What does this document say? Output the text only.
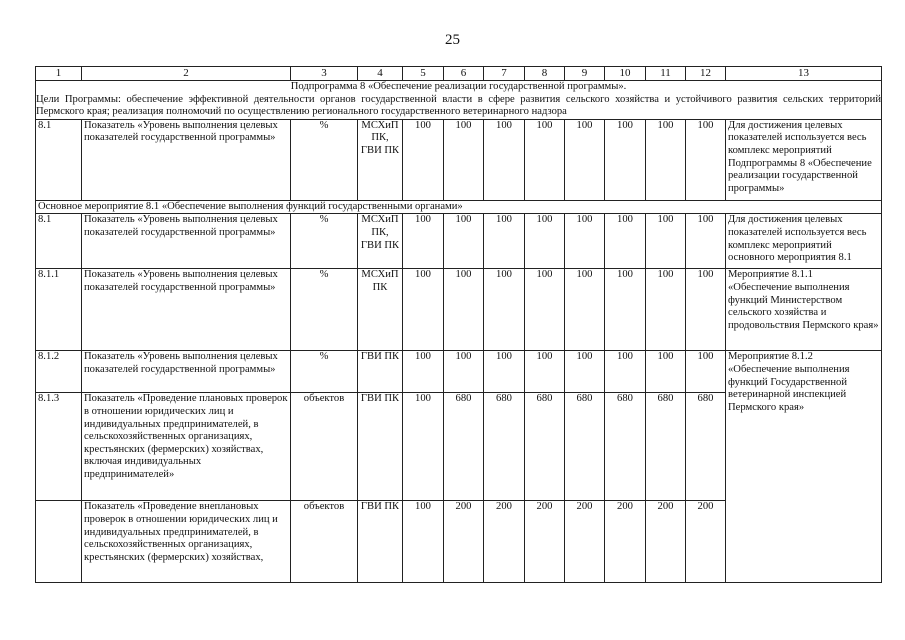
25
1	2	3	4	5	6	7	8	9	10	11	12	13

Подпрограмма 8 «Обеспечение реализации государственной программы».
Цели Программы: обеспечение эффективной деятельности органов государственной власти в сфере развития сельского хозяйства и устойчивого развития сельских территорий Пермского края; реализация полномочий по осуществлению регионального государственного ветеринарного надзора												

8.1	Показатель «Уровень выполнения целевых показателей государственной программы»	%	МСХиП ПК, ГВИ ПК	100	100	100	100	100	100	100	100	Для достижения целевых показателей используется весь комплекс мероприятий Подпрограммы 8 «Обеспечение реализации государственной программы»
Основное мероприятие 8.1 «Обеспечение выполнения функций государственными органами»												
8.1	Показатель «Уровень выполнения целевых показателей государственной программы»	%	МСХиП ПК, ГВИ ПК	100	100	100	100	100	100	100	100	Для достижения целевых показателей используется весь комплекс мероприятий основного мероприятия 8.1
8.1.1	Показатель «Уровень выполнения целевых показателей государственной программы»	%	МСХиП ПК	100	100	100	100	100	100	100	100	Мероприятие 8.1.1 «Обеспечение выполнения функций Министерством сельского хозяйства и продовольствия Пермского края»
8.1.2	Показатель «Уровень выполнения целевых показателей государственной программы»	%	ГВИ ПК	100	100	100	100	100	100	100	100	Мероприятие 8.1.2 «Обеспечение выполнения функций Государственной ветеринарной инспекцией Пермского края»
8.1.3	Показатель «Проведение плановых проверок в отношении юридических лиц и индивидуальных предпринимателей, в сельскохозяйственных организациях, крестьянских (фермерских) хозяйствах, включая индивидуальных предпринимателей»	объектов	ГВИ ПК	100	680	680	680	680	680	680	680	
	Показатель «Проведение внеплановых проверок в отношении юридических лиц и индивидуальных предпринимателей, в сельскохозяйственных организациях, крестьянских (фермерских) хозяйствах,	объектов	ГВИ ПК	100	200	200	200	200	200	200	200	
